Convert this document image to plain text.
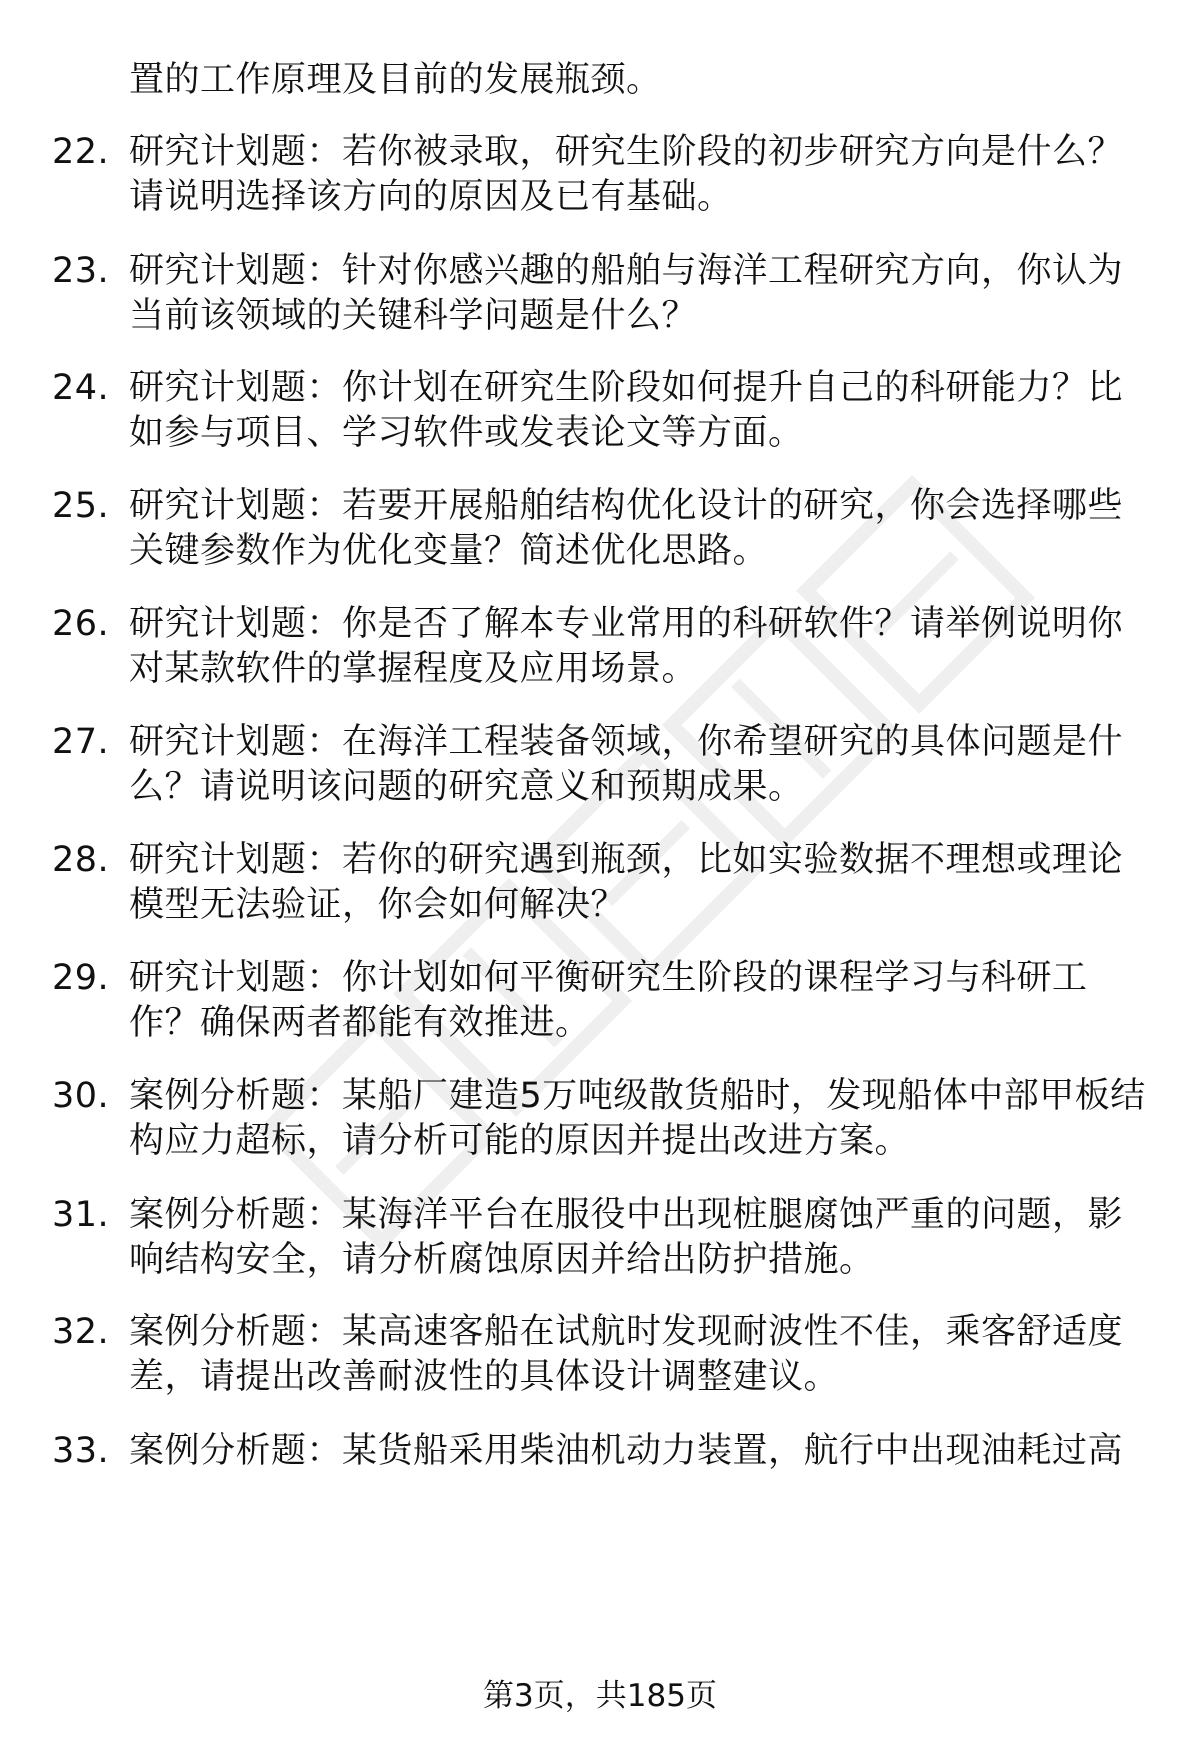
置的工作原理及目前的发展瓶颈。
22. 研究计划题：若你被录取，研究生阶段的初步研究方向是什么？
请说明选择该方向的原因及已有基础。
23. 研究计划题：针对你感兴趣的船舶与海洋工程研究方向，你认为
当前该领域的关键科学问题是什么？
24. 研究计划题：你计划在研究生阶段如何提升自己的科研能力？比
如参与项目、学习软件或发表论文等方面。
25. 研究计划题：若要开展船舶结构优化设计的研究，你会选择哪些
关键参数作为优化变量？简述优化思路。
26. 研究计划题：你是否了解本专业常用的科研软件？请举例说明你
对某款软件的掌握程度及应用场景。
27. 研究计划题：在海洋工程装备领域，你希望研究的具体问题是什
么？请说明该问题的研究意义和预期成果。
28. 研究计划题：若你的研究遇到瓶颈，比如实验数据不理想或理论
模型无法验证，你会如何解决？
29. 研究计划题：你计划如何平衡研究生阶段的课程学习与科研工
作？确保两者都能有效推进。
30. 案例分析题：某船厂建造5万吨级散货船时，发现船体中部甲板结
构应力超标，请分析可能的原因并提出改进方案。
31. 案例分析题：某海洋平台在服役中出现桩腿腐蚀严重的问题，影
响结构安全，请分析腐蚀原因并给出防护措施。
32. 案例分析题：某高速客船在试航时发现耐波性不佳，乘客舒适度
差，请提出改善耐波性的具体设计调整建议。
33. 案例分析题：某货船采用柴油机动力装置，航行中出现油耗过高
第3页，共185页
